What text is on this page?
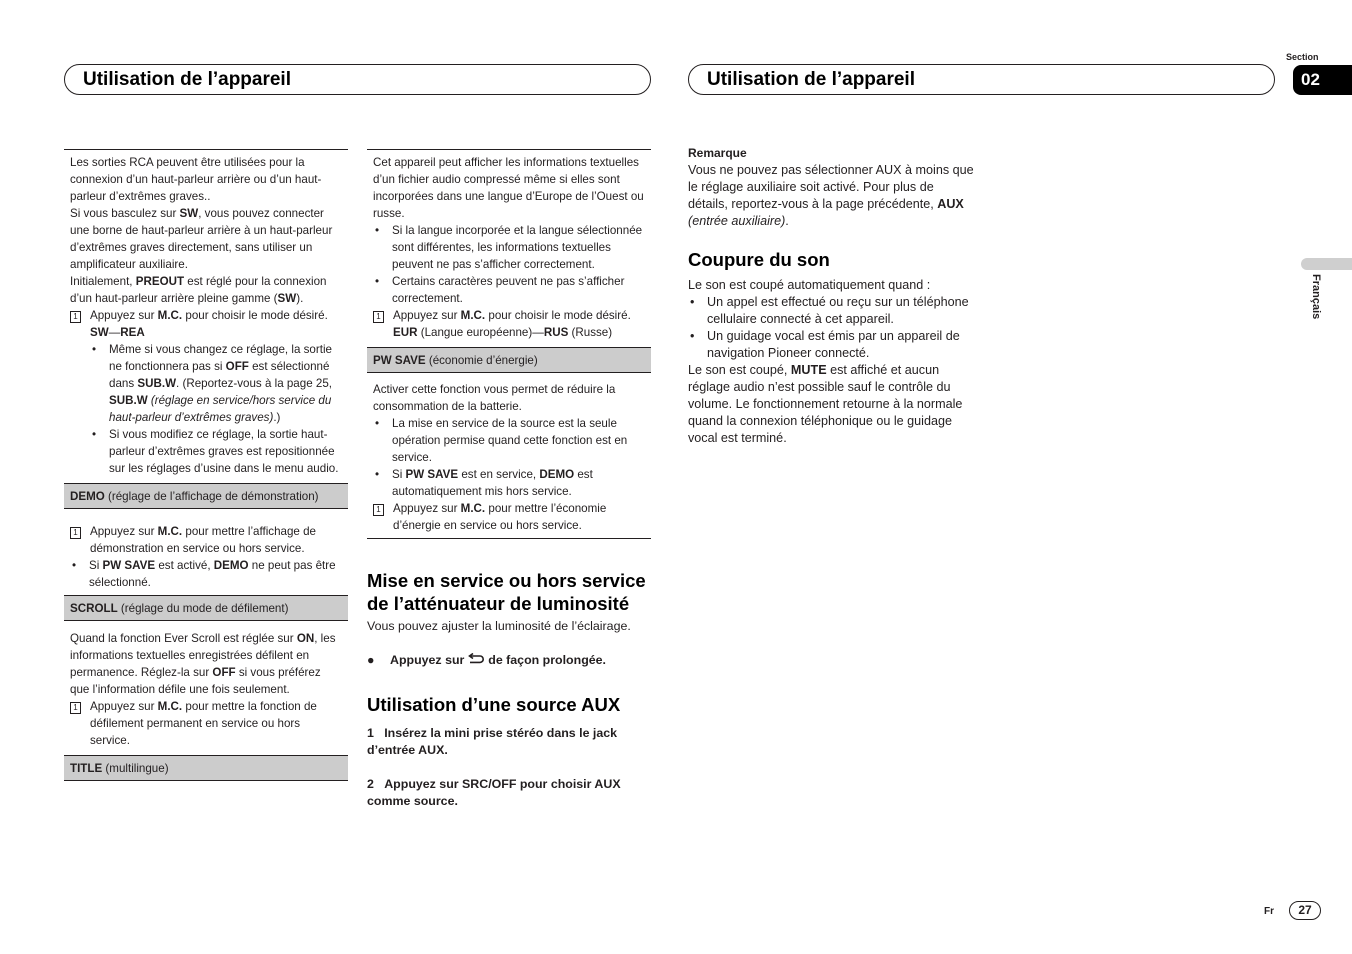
Utilisation de l’appareil	Utilisation de l’appareil
Section
02
Français

Les sorties RCA peuvent être utilisées pour la connexion d’un haut-parleur arrière ou d’un haut-parleur d’extrêmes graves..

Si vous basculez sur SW, vous pouvez connecter une borne de haut-parleur arrière à un haut-parleur d’extrêmes graves directement, sans utiliser un amplificateur auxiliaire.

Initialement, PREOUT est réglé pour la connexion d’un haut-parleur arrière pleine gamme (SW).

1 Appuyez sur M.C. pour choisir le mode désiré.
SW—REA
• Même si vous changez ce réglage, la sortie ne fonctionnera pas si OFF est sélectionné dans SUB.W. (Reportez-vous à la page 25, SUB.W (réglage en service/hors service du haut-parleur d’extrêmes graves).)
• Si vous modifiez ce réglage, la sortie haut-parleur d’extrêmes graves est repositionnée sur les réglages d’usine dans le menu audio.
DEMO (réglage de l’affichage de démonstration)
1 Appuyez sur M.C. pour mettre l’affichage de démonstration en service ou hors service.
• Si PW SAVE est activé, DEMO ne peut pas être sélectionné.
SCROLL (réglage du mode de défilement)

Quand la fonction Ever Scroll est réglée sur ON, les informations textuelles enregistrées défilent en permanence. Réglez-la sur OFF si vous préférez que l’information défile une fois seulement.

1 Appuyez sur M.C. pour mettre la fonction de défilement permanent en service ou hors service.
TITLE (multilingue)

Cet appareil peut afficher les informations textuelles d’un fichier audio compressé même si elles sont incorporées dans une langue d’Europe de l’Ouest ou russe.

• Si la langue incorporée et la langue sélectionnée sont différentes, les informations textuelles peuvent ne pas s’afficher correctement.
• Certains caractères peuvent ne pas s’afficher correctement.
1 Appuyez sur M.C. pour choisir le mode désiré.
EUR (Langue européenne)—RUS (Russe)
PW SAVE (économie d’énergie)

Activer cette fonction vous permet de réduire la consommation de la batterie.

• La mise en service de la source est la seule opération permise quand cette fonction est en service.
• Si PW SAVE est en service, DEMO est automatiquement mis hors service.
1 Appuyez sur M.C. pour mettre l’économie d’énergie en service ou hors service.
Mise en service ou hors service de l’atténuateur de luminosité

Vous pouvez ajuster la luminosité de l’éclairage.

● Appuyez sur  de façon prolongée.
Utilisation d’une source AUX
1 Insérez la mini prise stéréo dans le jack d’entrée AUX.
2 Appuyez sur SRC/OFF pour choisir AUX comme source.
Remarque

Vous ne pouvez pas sélectionner AUX à moins que le réglage auxiliaire soit activé. Pour plus de détails, reportez-vous à la page précédente, AUX (entrée auxiliaire).

Coupure du son

Le son est coupé automatiquement quand :

• Un appel est effectué ou reçu sur un téléphone cellulaire connecté à cet appareil.
• Un guidage vocal est émis par un appareil de navigation Pioneer connecté.

Le son est coupé, MUTE est affiché et aucun réglage audio n’est possible sauf le contrôle du volume. Le fonctionnement retourne à la normale quand la connexion téléphonique ou le guidage vocal est terminé.

Fr	27
